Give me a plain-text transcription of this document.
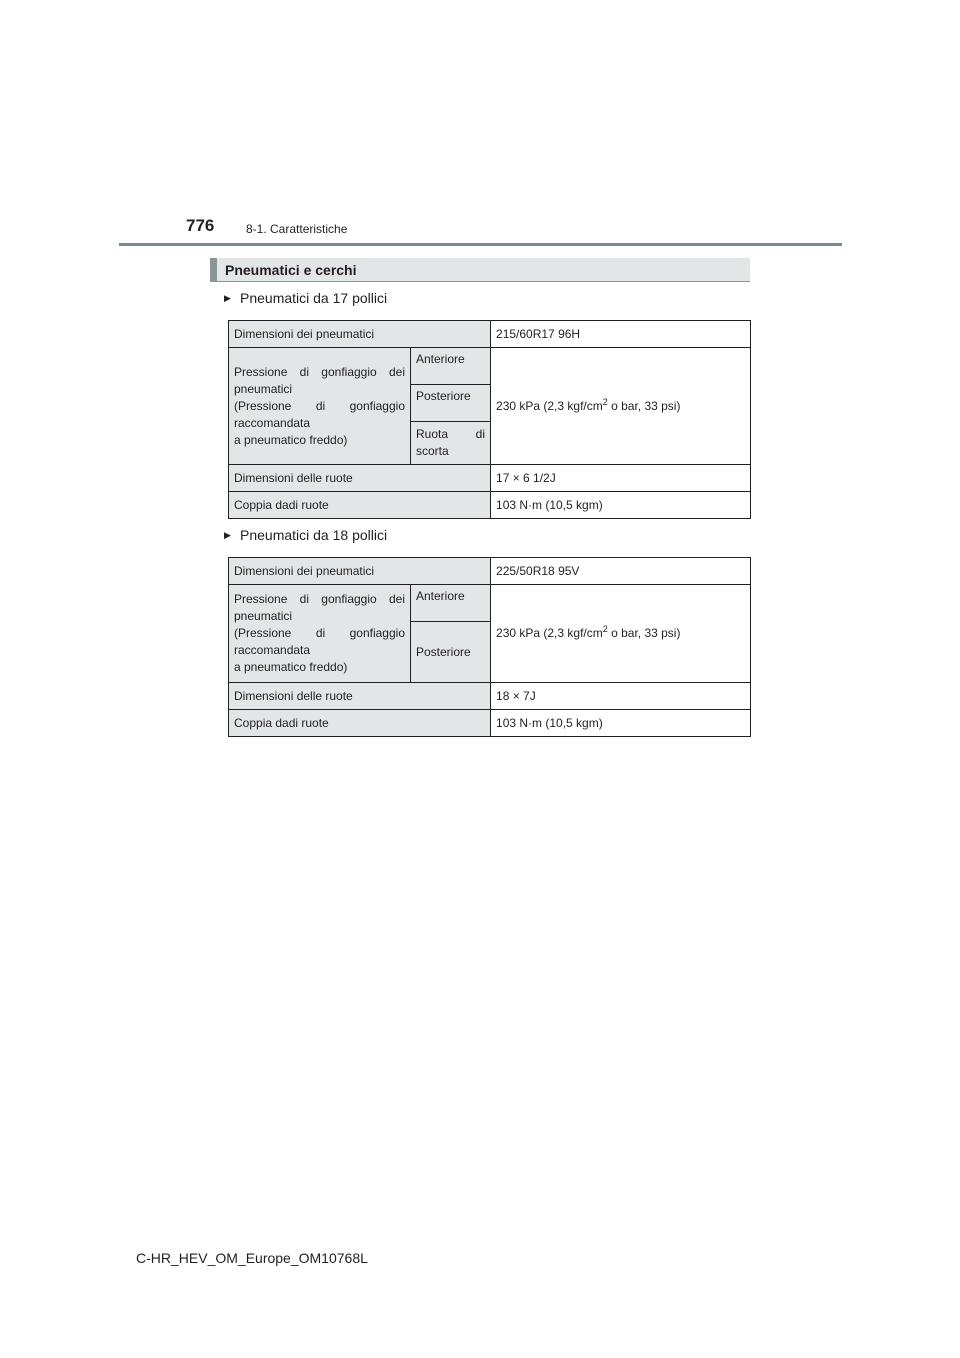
776	8-1. Caratteristiche
Pneumatici e cerchi
▶ Pneumatici da 17 pollici
Dimensioni dei pneumatici		215/60R17 96H

Pressione di gonfiaggio dei pneumatici
(Pressione di gonfiaggio raccomandata
a pneumatico freddo)	Anteriore	230 kPa (2,3 kgf/$cm^2$ o bar, 33 psi)
	Posteriore	
	Ruota di scorta	
Dimensioni delle ruote		17 × 6 1/2J
Coppia dadi ruote		103 N·m (10,5 kgm)
▶ Pneumatici da 18 pollici
Dimensioni dei pneumatici		225/50R18 95V

Pressione di gonfiaggio dei pneumatici
(Pressione di gonfiaggio raccomandata
a pneumatico freddo)	Anteriore	230 kPa (2,3 kgf/$cm^2$ o bar, 33 psi)
	Posteriore	
Dimensioni delle ruote		18 × 7J
Coppia dadi ruote		103 N·m (10,5 kgm)
C-HR_HEV_OM_Europe_OM10768L
